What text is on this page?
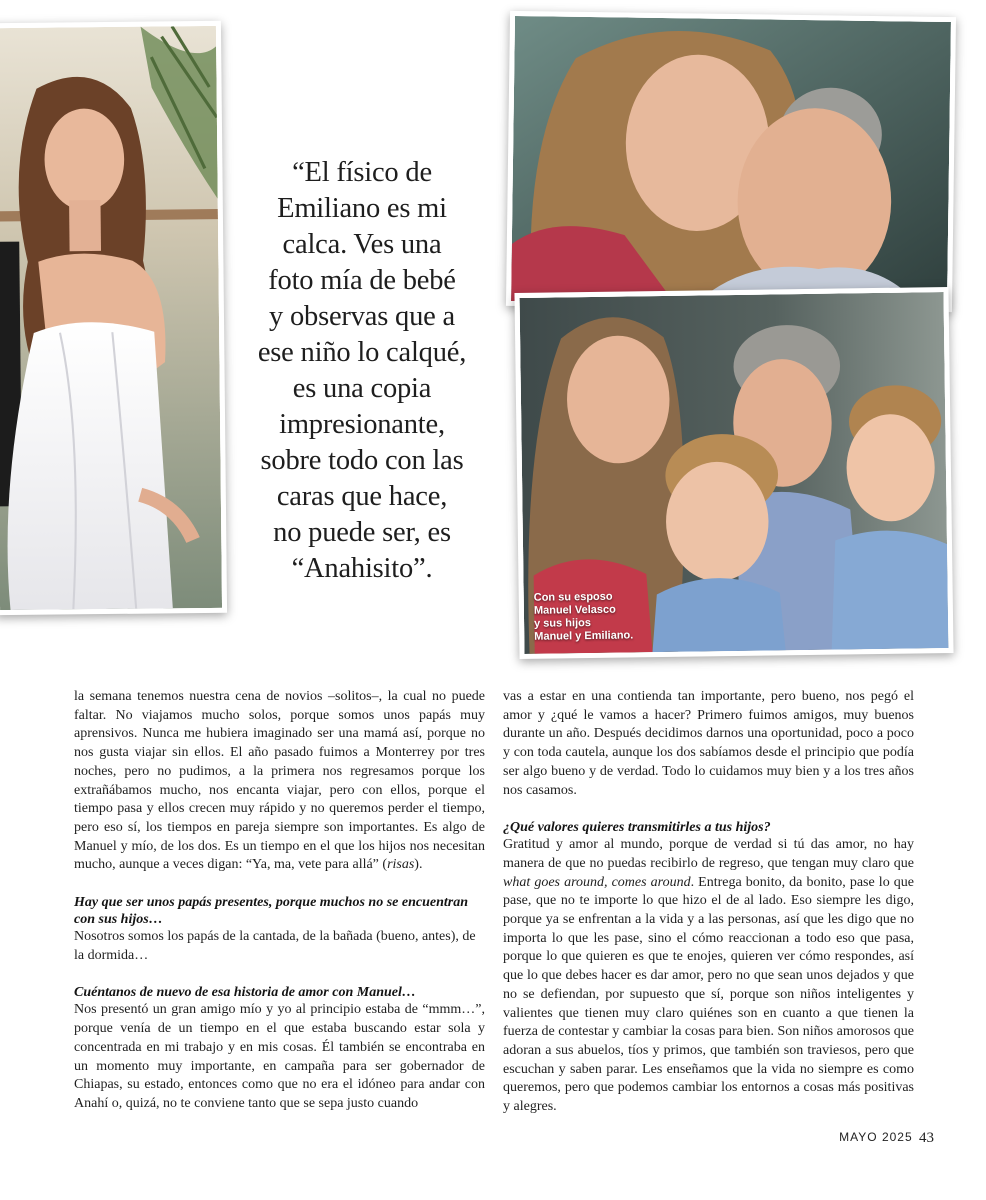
Con su esposo
Manuel Velasco
y sus hijos
Manuel y Emiliano.
“El físico de
Emiliano es mi
calca. Ves una
foto mía de bebé
y observas que a
ese niño lo calqué,
es una copia
impresionante,
sobre todo con las
caras que hace,
no puede ser, es
“Anahisito”.

la semana tenemos nuestra cena de novios –solitos–, la cual no puede faltar. No viajamos mucho solos, porque somos unos papás muy aprensivos. Nunca me hubiera imaginado ser una mamá así, porque no nos gusta viajar sin ellos. El año pasado fuimos a Monterrey por tres noches, pero no pudimos, a la primera nos regresamos porque los extrañábamos mucho, nos encanta viajar, pero con ellos, porque el tiempo pasa y ellos crecen muy rápido y no queremos perder el tiempo, pero eso sí, los tiempos en pareja siempre son importantes. Es algo de Manuel y mío, de los dos. Es un tiempo en el que los hijos nos necesitan mucho, aunque a veces digan: “Ya, ma, vete para allá” (risas).

Hay que ser unos papás presentes, porque muchos no se encuentran con sus hijos…

Nosotros somos los papás de la cantada, de la bañada (bueno, antes), de la dormida…

Cuéntanos de nuevo de esa historia de amor con Manuel…

Nos presentó un gran amigo mío y yo al principio estaba de “mmm…”, porque venía de un tiempo en el que estaba buscando estar sola y concentrada en mi trabajo y en mis cosas. Él también se encontraba en un momento muy importante, en campaña para ser gobernador de Chiapas, su estado, entonces como que no era el idóneo para andar con Anahí o, quizá, no te conviene tanto que se sepa justo cuando

vas a estar en una contienda tan importante, pero bueno, nos pegó el amor y ¿qué le vamos a hacer? Primero fuimos amigos, muy buenos durante un año. Después decidimos darnos una oportunidad, poco a poco y con toda cautela, aunque los dos sabíamos desde el principio que podía ser algo bueno y de verdad. Todo lo cuidamos muy bien y a los tres años nos casamos.

¿Qué valores quieres transmitirles a tus hijos?

Gratitud y amor al mundo, porque de verdad si tú das amor, no hay manera de que no puedas recibirlo de regreso, que tengan muy claro que what goes around, comes around. Entrega bonito, da bonito, pase lo que pase, que no te importe lo que hizo el de al lado. Eso siempre les digo, porque ya se enfrentan a la vida y a las personas, así que les digo que no importa lo que les pase, sino el cómo reaccionan a todo eso que pasa, porque lo que quieren es que te enojes, quieren ver cómo respondes, así que lo que debes hacer es dar amor, pero no que sean unos dejados y que no se defiendan, por supuesto que sí, porque son niños inteligentes y valientes que tienen muy claro quiénes son en cuanto a que tienen la fuerza de contestar y cambiar la cosas para bien. Son niños amorosos que adoran a sus abuelos, tíos y primos, que también son traviesos, pero que escuchan y saben parar. Les enseñamos que la vida no siempre es como queremos, pero que podemos cambiar los entornos a cosas más positivas y alegres.

MAYO 2025 43
